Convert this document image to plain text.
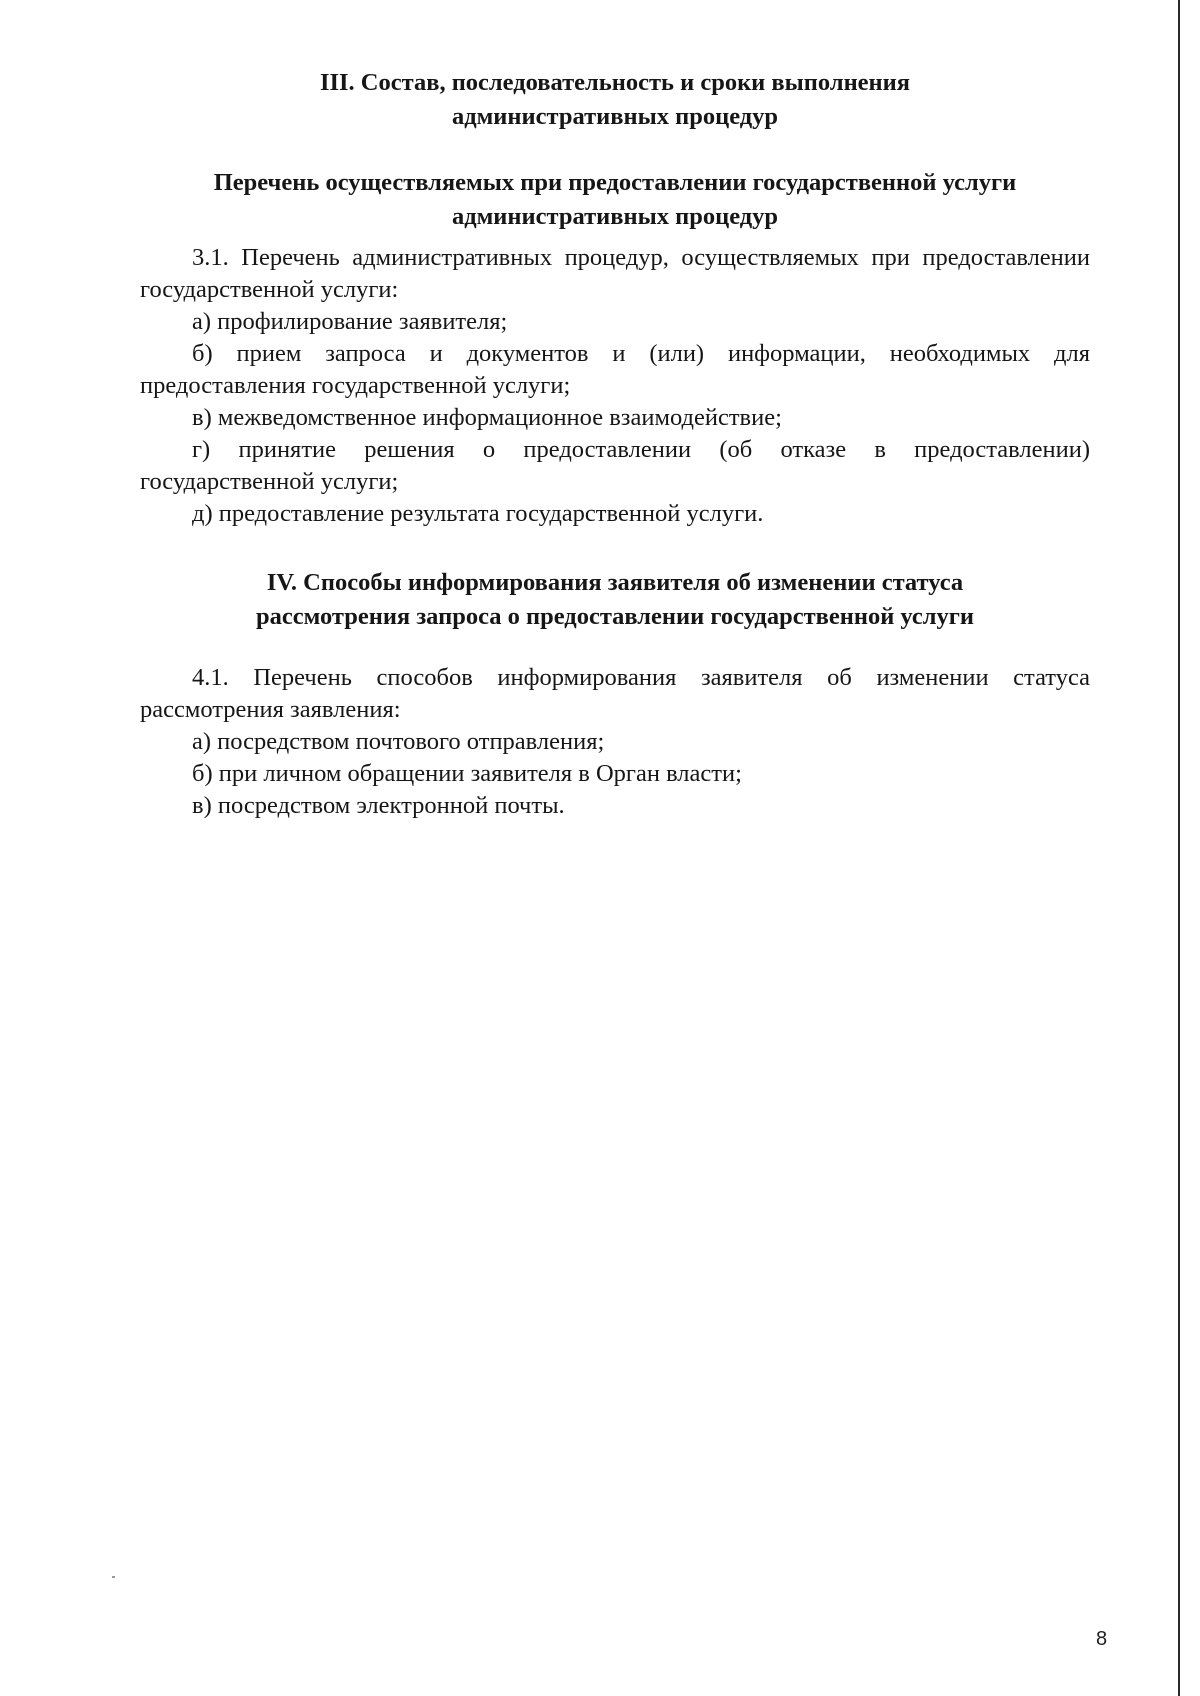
III. Состав, последовательность и сроки выполнения
административных процедур
Перечень осуществляемых при предоставлении государственной услуги
административных процедур

3.1. Перечень административных процедур, осуществляемых при предоставлении государственной услуги:

а) профилирование заявителя;

б) прием запроса и документов и (или) информации, необходимых для предоставления государственной услуги;

в) межведомственное информационное взаимодействие;

г) принятие решения о предоставлении (об отказе в предоставлении) государственной услуги;

д) предоставление результата государственной услуги.

IV. Способы информирования заявителя об изменении статуса
рассмотрения запроса о предоставлении государственной услуги

4.1. Перечень способов информирования заявителя об изменении статуса рассмотрения заявления:

а) посредством почтового отправления;

б) при личном обращении заявителя в Орган власти;

в) посредством электронной почты.

8
